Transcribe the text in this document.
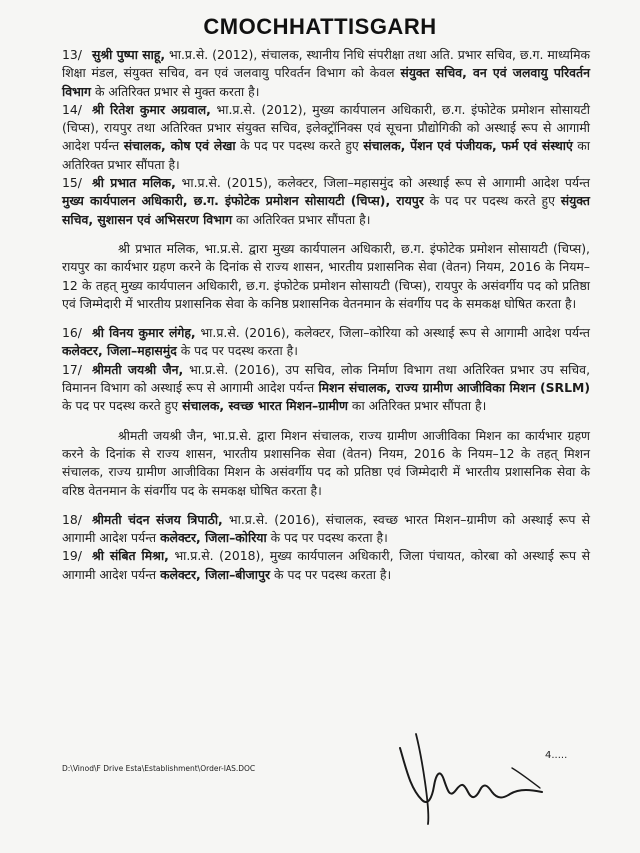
CMOCHHATTISGARH

13/ सुश्री पुष्पा साहू, भा.प्र.से. (2012), संचालक, स्थानीय निधि संपरीक्षा तथा अति. प्रभार सचिव, छ.ग. माध्यमिक शिक्षा मंडल, संयुक्त सचिव, वन एवं जलवायु परिवर्तन विभाग को केवल संयुक्त सचिव, वन एवं जलवायु परिवर्तन विभाग के अतिरिक्त प्रभार से मुक्त करता है।

14/ श्री रितेश कुमार अग्रवाल, भा.प्र.से. (2012), मुख्य कार्यपालन अधिकारी, छ.ग. इंफोटेक प्रमोशन सोसायटी (चिप्स), रायपुर तथा अतिरिक्त प्रभार संयुक्त सचिव, इलेक्ट्रॉनिक्स एवं सूचना प्रौद्योगिकी को अस्थाई रूप से आगामी आदेश पर्यन्त संचालक, कोष एवं लेखा के पद पर पदस्थ करते हुए संचालक, पेंशन एवं पंजीयक, फर्म एवं संस्थाएं का अतिरिक्त प्रभार सौंपता है।

15/ श्री प्रभात मलिक, भा.प्र.से. (2015), कलेक्टर, जिला–महासमुंद को अस्थाई रूप से आगामी आदेश पर्यन्त मुख्य कार्यपालन अधिकारी, छ.ग. इंफोटेक प्रमोशन सोसायटी (चिप्स), रायपुर के पद पर पदस्थ करते हुए संयुक्त सचिव, सुशासन एवं अभिसरण विभाग का अतिरिक्त प्रभार सौंपता है।

श्री प्रभात मलिक, भा.प्र.से. द्वारा मुख्य कार्यपालन अधिकारी, छ.ग. इंफोटेक प्रमोशन सोसायटी (चिप्स), रायपुर का कार्यभार ग्रहण करने के दिनांक से राज्य शासन, भारतीय प्रशासनिक सेवा (वेतन) नियम, 2016 के नियम–12 के तहत् मुख्य कार्यपालन अधिकारी, छ.ग. इंफोटेक प्रमोशन सोसायटी (चिप्स), रायपुर के असंवर्गीय पद को प्रतिष्ठा एवं जिम्मेदारी में भारतीय प्रशासनिक सेवा के कनिष्ठ प्रशासनिक वेतनमान के संवर्गीय पद के समकक्ष घोषित करता है।

16/ श्री विनय कुमार लंगेह, भा.प्र.से. (2016), कलेक्टर, जिला–कोरिया को अस्थाई रूप से आगामी आदेश पर्यन्त कलेक्टर, जिला–महासमुंद के पद पर पदस्थ करता है।

17/ श्रीमती जयश्री जैन, भा.प्र.से. (2016), उप सचिव, लोक निर्माण विभाग तथा अतिरिक्त प्रभार उप सचिव, विमानन विभाग को अस्थाई रूप से आगामी आदेश पर्यन्त मिशन संचालक, राज्य ग्रामीण आजीविका मिशन (SRLM) के पद पर पदस्थ करते हुए संचालक, स्वच्छ भारत मिशन–ग्रामीण का अतिरिक्त प्रभार सौंपता है।

श्रीमती जयश्री जैन, भा.प्र.से. द्वारा मिशन संचालक, राज्य ग्रामीण आजीविका मिशन का कार्यभार ग्रहण करने के दिनांक से राज्य शासन, भारतीय प्रशासनिक सेवा (वेतन) नियम, 2016 के नियम–12 के तहत् मिशन संचालक, राज्य ग्रामीण आजीविका मिशन के असंवर्गीय पद को प्रतिष्ठा एवं जिम्मेदारी में भारतीय प्रशासनिक सेवा के वरिष्ठ वेतनमान के संवर्गीय पद के समकक्ष घोषित करता है।

18/ श्रीमती चंदन संजय त्रिपाठी, भा.प्र.से. (2016), संचालक, स्वच्छ भारत मिशन–ग्रामीण को अस्थाई रूप से आगामी आदेश पर्यन्त कलेक्टर, जिला–कोरिया के पद पर पदस्थ करता है।

19/ श्री संबित मिश्रा, भा.प्र.से. (2018), मुख्य कार्यपालन अधिकारी, जिला पंचायत, कोरबा को अस्थाई रूप से आगामी आदेश पर्यन्त कलेक्टर, जिला–बीजापुर के पद पर पदस्थ करता है।

4.....
D:\Vinod\F Drive Esta\Establishment\Order-IAS.DOC
